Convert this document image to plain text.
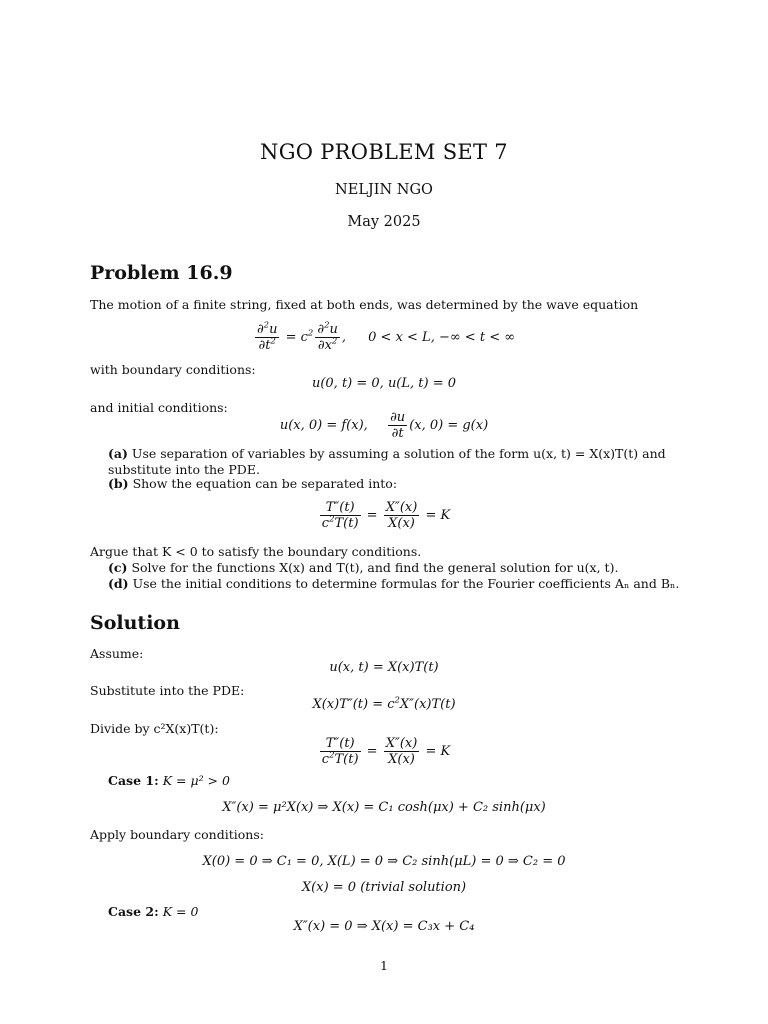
NGO PROBLEM SET 7
NELJIN NGO
May 2025
Problem 16.9
The motion of a finite string, fixed at both ends, was determined by the wave equation
$\frac{\partial^2u}{\partial t^2} = c^2 \frac{\partial^2u}{\partial x^2}$ , 0 < x < L, −∞ < t < ∞
with boundary conditions:
u(0, t) = 0, u(L, t) = 0
and initial conditions:
u(x, 0) = f(x), $\frac{\partial u}{\partial t} (x$, 0) = g(x)
(a) Use separation of variables by assuming a solution of the form u(x, t) = X(x)T(t) and substitute into the PDE.
(b) Show the equation can be separated into:
$\frac{T''(t)}{c^2T(t)} = \frac{X''(x)}{X(x)} = K$
Argue that K < 0 to satisfy the boundary conditions.
(c) Solve for the functions X(x) and T(t), and find the general solution for u(x, t).
(d) Use the initial conditions to determine formulas for the Fourier coefficients Aₙ and Bₙ.
Solution
Assume:
u(x, t) = X(x)T(t)
Substitute into the PDE:
$X(x)T''(t) = c^2X''(x)T(t)$
Divide by c²X(x)T(t):
$\frac{T''(t)}{c^2T(t)} = \frac{X''(x)}{X(x)} = K$
Case 1: K = μ² > 0
X″(x) = μ²X(x) ⇒ X(x) = C₁ cosh(μx) + C₂ sinh(μx)
Apply boundary conditions:
X(0) = 0 ⇒ C₁ = 0, X(L) = 0 ⇒ C₂ sinh(μL) = 0 ⇒ C₂ = 0
X(x) = 0 (trivial solution)
Case 2: K = 0
X″(x) = 0 ⇒ X(x) = C₃x + C₄
1
